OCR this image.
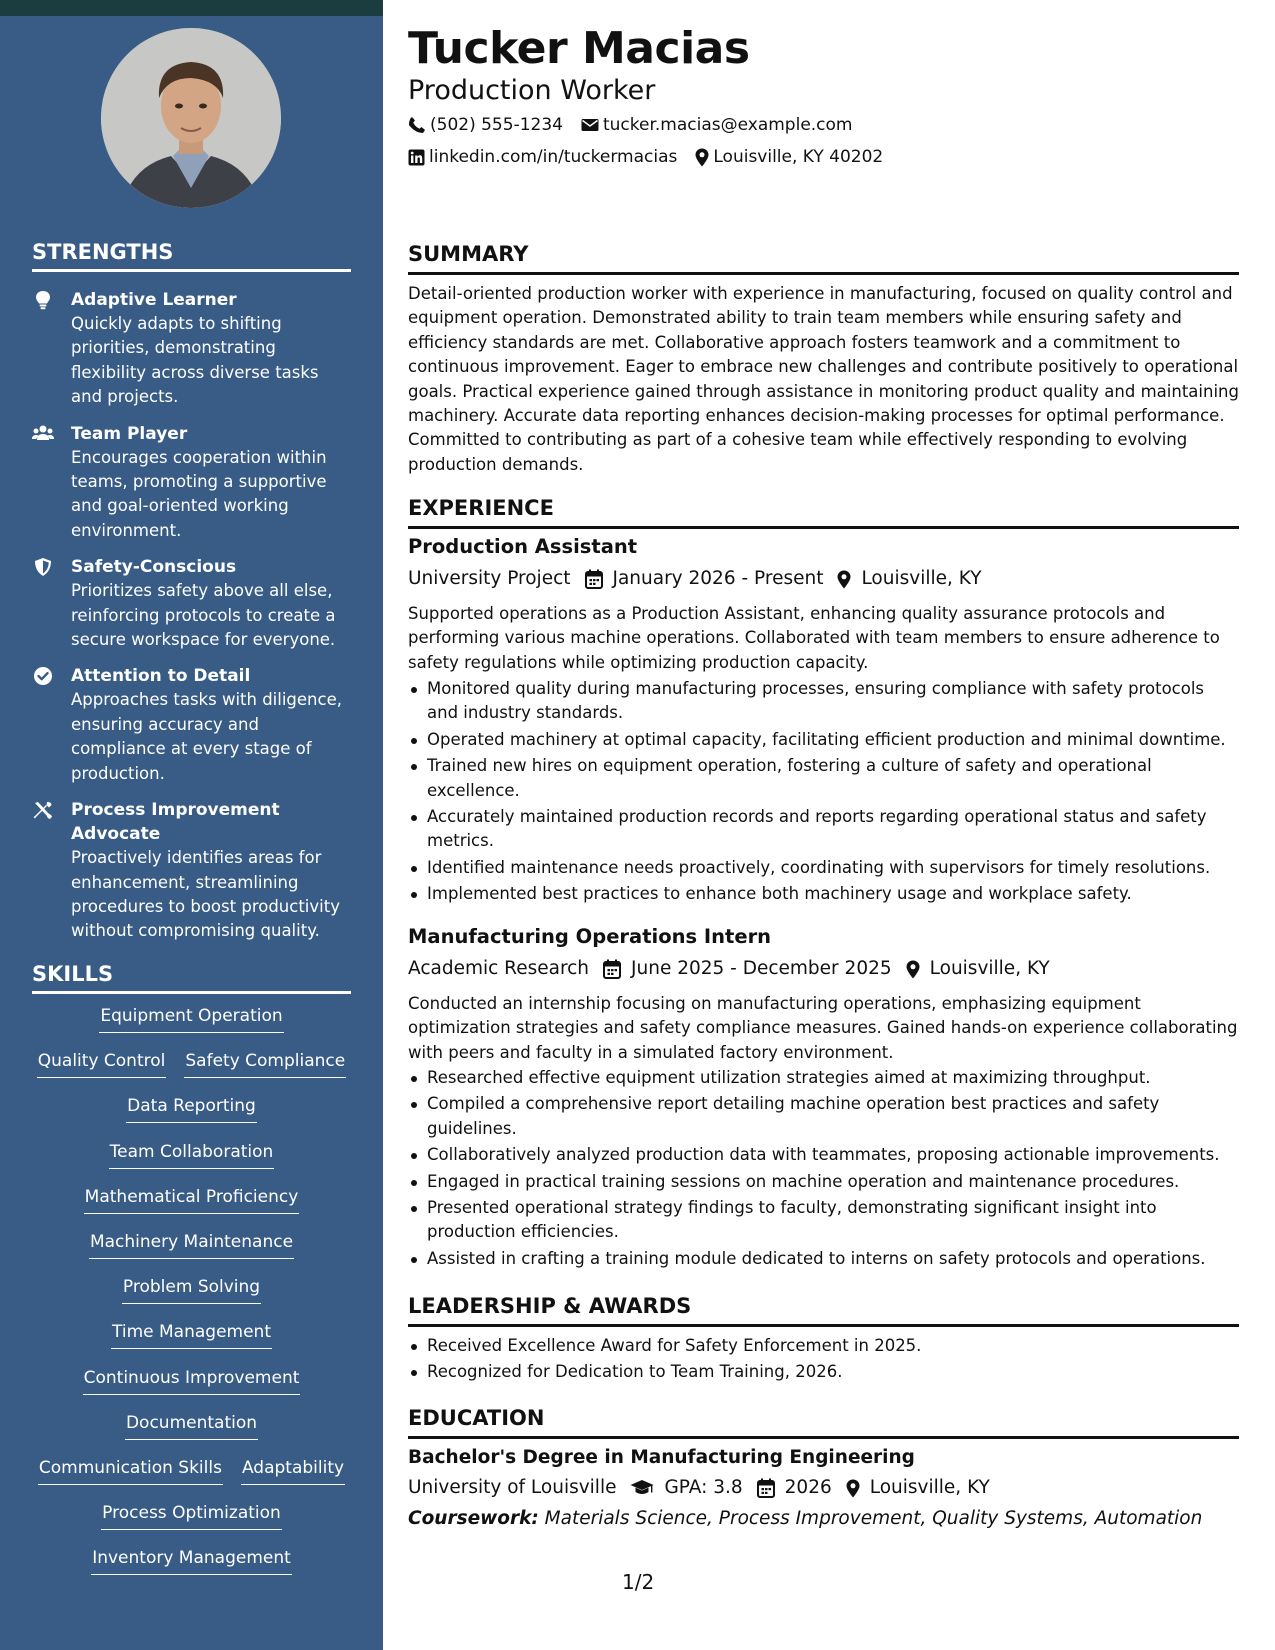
STRENGTHS
Adaptive Learner
Quickly adapts to shifting priorities, demonstrating flexibility across diverse tasks and projects.
Team Player
Encourages cooperation within teams, promoting a supportive and goal-oriented working environment.
Safety-Conscious
Prioritizes safety above all else, reinforcing protocols to create a secure workspace for everyone.
Attention to Detail
Approaches tasks with diligence, ensuring accuracy and compliance at every stage of production.
Process Improvement Advocate
Proactively identifies areas for enhancement, streamlining procedures to boost productivity without compromising quality.
SKILLS
Equipment Operation
Quality Control Safety Compliance
Data Reporting
Team Collaboration
Mathematical Proficiency
Machinery Maintenance
Problem Solving
Time Management
Continuous Improvement
Documentation
Communication Skills Adaptability
Process Optimization
Inventory Management
Tucker Macias
Production Worker
(502) 555-1234 tucker.macias@example.com
linkedin.com/in/tuckermacias Louisville, KY 40202
SUMMARY
Detail-oriented production worker with experience in manufacturing, focused on quality control and equipment operation. Demonstrated ability to train team members while ensuring safety and efficiency standards are met. Collaborative approach fosters teamwork and a commitment to continuous improvement. Eager to embrace new challenges and contribute positively to operational goals. Practical experience gained through assistance in monitoring product quality and maintaining machinery. Accurate data reporting enhances decision-making processes for optimal performance. Committed to contributing as part of a cohesive team while effectively responding to evolving production demands.
EXPERIENCE
Production Assistant
University Project January 2026 - Present Louisville, KY
Supported operations as a Production Assistant, enhancing quality assurance protocols and performing various machine operations. Collaborated with team members to ensure adherence to safety regulations while optimizing production capacity.
Monitored quality during manufacturing processes, ensuring compliance with safety protocols and industry standards.
Operated machinery at optimal capacity, facilitating efficient production and minimal downtime.
Trained new hires on equipment operation, fostering a culture of safety and operational excellence.
Accurately maintained production records and reports regarding operational status and safety metrics.
Identified maintenance needs proactively, coordinating with supervisors for timely resolutions.
Implemented best practices to enhance both machinery usage and workplace safety.
Manufacturing Operations Intern
Academic Research June 2025 - December 2025 Louisville, KY
Conducted an internship focusing on manufacturing operations, emphasizing equipment optimization strategies and safety compliance measures. Gained hands-on experience collaborating with peers and faculty in a simulated factory environment.
Researched effective equipment utilization strategies aimed at maximizing throughput.
Compiled a comprehensive report detailing machine operation best practices and safety guidelines.
Collaboratively analyzed production data with teammates, proposing actionable improvements.
Engaged in practical training sessions on machine operation and maintenance procedures.
Presented operational strategy findings to faculty, demonstrating significant insight into production efficiencies.
Assisted in crafting a training module dedicated to interns on safety protocols and operations.
LEADERSHIP & AWARDS
Received Excellence Award for Safety Enforcement in 2025.
Recognized for Dedication to Team Training, 2026.
EDUCATION
Bachelor's Degree in Manufacturing Engineering
University of Louisville	GPA: 3.8 2026 Louisville, KY
Coursework: Materials Science, Process Improvement, Quality Systems, Automation
1/2
